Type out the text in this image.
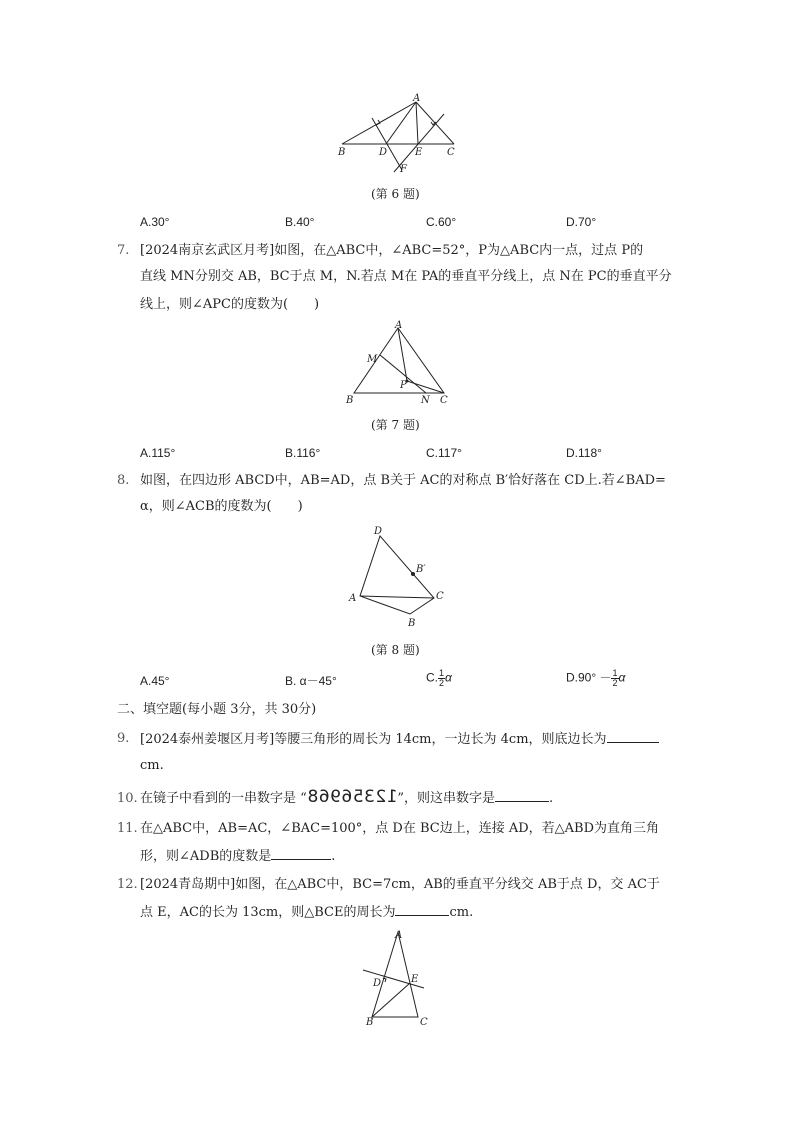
A
B	D	E C
F
(第 6 题)
A.30°	B.40°	C.60°	D.70°
7. [2024南京玄武区月考]如图，在△ABC中，∠ABC=52°，P为△ABC内一点，过点 P的
直线 MN分别交 AB，BC于点 M，N.若点 M在 PA的垂直平分线上，点 N在 PC的垂直平分
线上，则∠APC的度数为(　　)
A
M
P
B	N C
(第 7 题)
A.115°	B.116°	C.117°	D.118°
8. 如图，在四边形 ABCD中，AB=AD，点 B关于 AC的对称点 B′恰好落在 CD上.若∠BAD=
α，则∠ACB的度数为(　　)
D
B′
A	C
B
(第 8 题)
A.45°	B. α－45°	C. $\frac{1}{2}$ α	$D.90^\circ - \frac{1}{2}$ α
二、填空题(每小题 3分，共 30分)
9. [2024泰州姜堰区月考]等腰三角形的周长为 14cm，一边长为 4cm，则底边长为
cm.
10. 在镜子中看到的一串数字是 “12356968”，则这串数字是	.
11. 在△ABC中，AB=AC，∠BAC=100°，点 D在 BC边上，连接 AD，若△ABD为直角三角
形，则∠ADB的度数是	.
12. [2024青岛期中]如图，在△ABC中，BC=7cm，AB的垂直平分线交 AB于点 D，交 AC于
点 E，AC的长为 13cm，则△BCE的周长为	cm.
A
D	E
B	C
